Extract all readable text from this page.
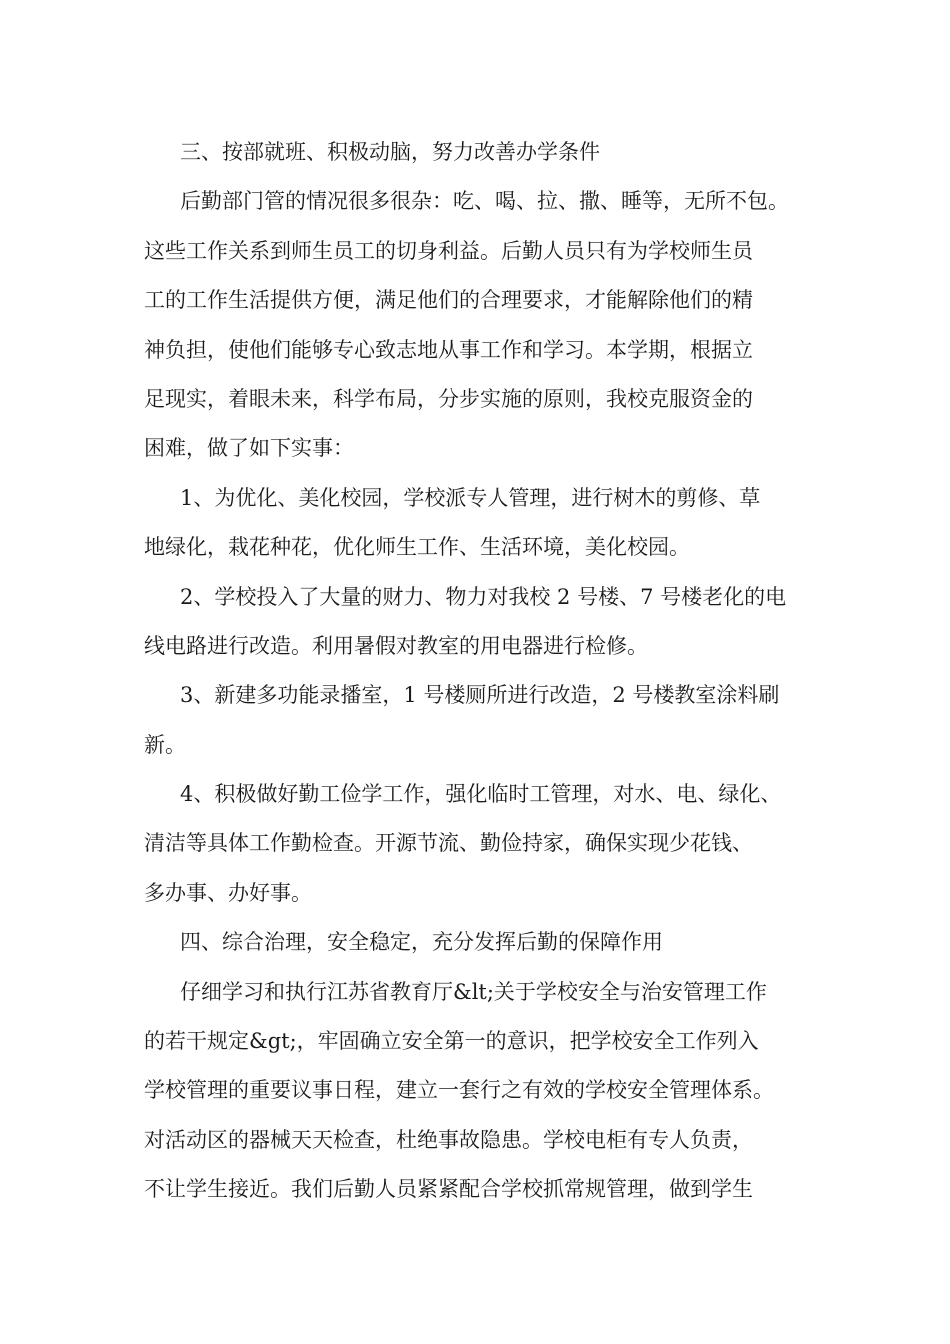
三、按部就班、积极动脑，努力改善办学条件

后勤部门管的情况很多很杂：吃、喝、拉、撒、睡等，无所不包。

这些工作关系到师生员工的切身利益。后勤人员只有为学校师生员

工的工作生活提供方便，满足他们的合理要求，才能解除他们的精

神负担，使他们能够专心致志地从事工作和学习。本学期，根据立

足现实，着眼未来，科学布局，分步实施的原则，我校克服资金的

困难，做了如下实事：

1、为优化、美化校园，学校派专人管理，进行树木的剪修、草

地绿化，栽花种花，优化师生工作、生活环境，美化校园。

2、学校投入了大量的财力、物力对我校 2 号楼、7 号楼老化的电

线电路进行改造。利用暑假对教室的用电器进行检修。

3、新建多功能录播室，1 号楼厕所进行改造，2 号楼教室涂料刷

新。

4、积极做好勤工俭学工作，强化临时工管理，对水、电、绿化、

清洁等具体工作勤检查。开源节流、勤俭持家，确保实现少花钱、

多办事、办好事。

四、综合治理，安全稳定，充分发挥后勤的保障作用

仔细学习和执行江苏省教育厅&lt;关于学校安全与治安管理工作

的若干规定&gt;，牢固确立安全第一的意识，把学校安全工作列入

学校管理的重要议事日程，建立一套行之有效的学校安全管理体系。

对活动区的器械天天检查，杜绝事故隐患。学校电柜有专人负责，

不让学生接近。我们后勤人员紧紧配合学校抓常规管理，做到学生
